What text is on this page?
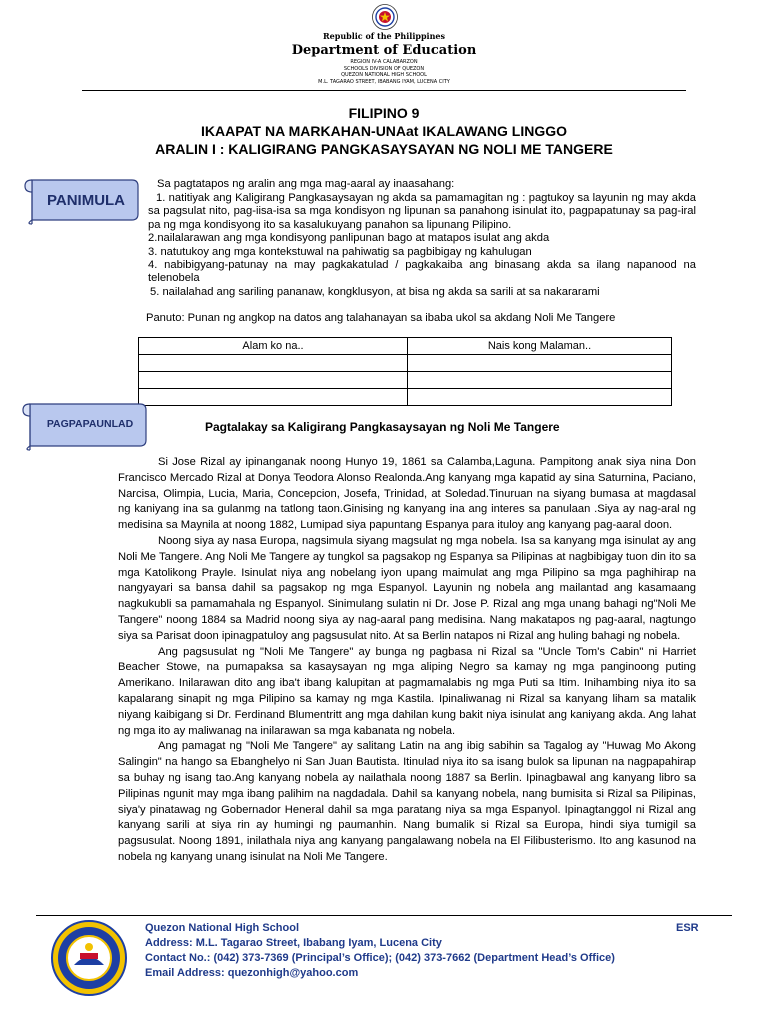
Republic of the Philippines
Department of Education
REGION IV-A CALABARZON
SCHOOLS DIVISION OF QUEZON
QUEZON NATIONAL HIGH SCHOOL
M.L. TAGARAO STREET, IBABANG IYAM, LUCENA CITY
FILIPINO 9
IKAAPAT NA MARKAHAN-UNAat IKALAWANG LINGGO
ARALIN I : KALIGIRANG PANGKASAYSAYAN NG NOLI ME TANGERE
PANIMULA
Sa pagtatapos ng aralin ang mga mag-aaral ay inaasahang:

1. natitiyak ang Kaligirang Pangkasaysayan ng akda sa pamamagitan ng : pagtukoy sa layunin ng may akda sa pagsulat nito, pag-iisa-isa sa mga kondisyon ng lipunan sa panahong isinulat ito, pagpapatunay sa pag-iral pa ng mga kondisyong ito sa kasalukuyang panahon sa lipunang Pilipino.

2.nailalarawan ang mga kondisyong panlipunan bago at matapos isulat ang akda

3. natutukoy ang mga kontekstuwal na pahiwatig sa pagbibigay ng kahulugan

4. nabibigyang-patunay na may pagkakatulad / pagkakaiba ang binasang akda sa ilang napanood na telenobela

5. nailalahad ang sariling pananaw, kongklusyon, at bisa ng akda sa sarili at sa nakararami

Panuto: Punan ng angkop na datos ang talahanayan sa ibaba ukol sa akdang Noli Me Tangere
Alam ko na..	Nais kong Malaman..

PAGPAPAUNLAD	Pagtalakay sa Kaligirang Pangkasaysayan ng Noli Me Tangere

Si Jose Rizal ay ipinanganak noong Hunyo 19, 1861 sa Calamba,Laguna. Pampitong anak siya nina Don Francisco Mercado Rizal at Donya Teodora Alonso Realonda.Ang kanyang mga kapatid ay sina Saturnina, Paciano, Narcisa, Olimpia, Lucia, Maria, Concepcion, Josefa, Trinidad, at Soledad.Tinuruan na siyang bumasa at magdasal ng kaniyang ina sa gulanmg na tatlong taon.Ginising ng kanyang ina ang interes sa panulaan .Siya ay nag-aral ng medisina sa Maynila at noong 1882, Lumipad siya papuntang Espanya para ituloy ang kanyang pag-aaral doon.

Noong siya ay nasa Europa, nagsimula siyang magsulat ng mga nobela. Isa sa kanyang mga isinulat ay ang Noli Me Tangere. Ang Noli Me Tangere ay tungkol sa pagsakop ng Espanya sa Pilipinas at nagbibigay tuon din ito sa mga Katolikong Prayle. Isinulat niya ang nobelang iyon upang maimulat ang mga Pilipino sa mga paghihirap na nangyayari sa bansa dahil sa pagsakop ng mga Espanyol. Layunin ng nobela ang mailantad ang kasamaang nagkukubli sa pamamahala ng Espanyol. Sinimulang sulatin ni Dr. Jose P. Rizal ang mga unang bahagi ng"Noli Me Tangere" noong 1884 sa Madrid noong siya ay nag-aaral pang medisina. Nang makatapos ng pag-aaral, nagtungo siya sa Parisat doon ipinagpatuloy ang pagsusulat nito. At sa Berlin natapos ni Rizal ang huling bahagi ng nobela.

Ang pagsusulat ng "Noli Me Tangere" ay bunga ng pagbasa ni Rizal sa "Uncle Tom's Cabin" ni Harriet Beacher Stowe, na pumapaksa sa kasaysayan ng mga aliping Negro sa kamay ng mga panginoong puting Amerikano. Inilarawan dito ang iba't ibang kalupitan at pagmamalabis ng mga Puti sa Itim. Inihambing niya ito sa kapalarang sinapit ng mga Pilipino sa kamay ng mga Kastila. Ipinaliwanag ni Rizal sa kanyang liham sa matalik niyang kaibigang si Dr. Ferdinand Blumentritt ang mga dahilan kung bakit niya isinulat ang kaniyang akda. Ang lahat ng mga ito ay maliwanag na inilarawan sa mga kabanata ng nobela.

Ang pamagat ng "Noli Me Tangere" ay salitang Latin na ang ibig sabihin sa Tagalog ay "Huwag Mo Akong Salingin" na hango sa Ebanghelyo ni San Juan Bautista. Itinulad niya ito sa isang bulok sa lipunan na nagpapahirap sa buhay ng isang tao.Ang kanyang nobela ay nailathala noong 1887 sa Berlin. Ipinagbawal ang kanyang libro sa Pilipinas ngunit may mga ibang palihim na nagdadala. Dahil sa kanyang nobela, nang bumisita si Rizal sa Pilipinas, siya'y pinatawag ng Gobernador Heneral dahil sa mga paratang niya sa mga Espanyol. Ipinagtanggol ni Rizal ang kanyang sarili at siya rin ay humingi ng paumanhin. Nang bumalik si Rizal sa Europa, hindi siya tumigil sa pagsusulat. Noong 1891, inilathala niya ang kanyang pangalawang nobela na El Filibusterismo. Ito ang kasunod na nobela ng kanyang unang isinulat na Noli Me Tangere.

Quezon National High School
Address: M.L. Tagarao Street, Ibabang Iyam, Lucena City
Contact No.: (042) 373-7369 (Principal’s Office); (042) 373-7662 (Department Head’s Office)
Email Address: quezonhigh@yahoo.com
ESR
